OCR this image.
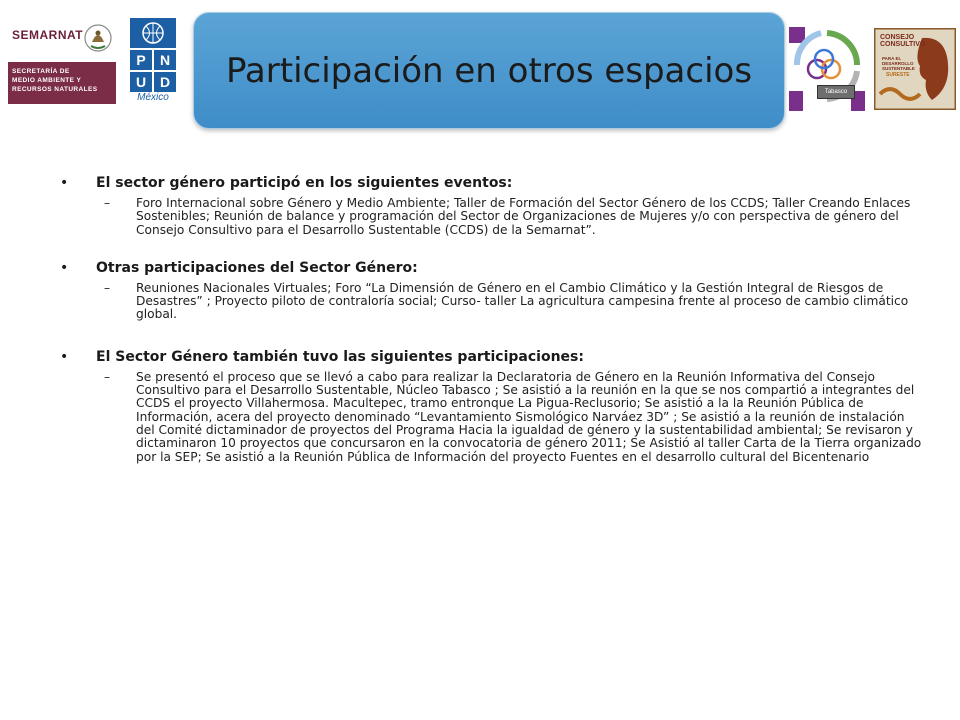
SEMARNAT
SECRETARÍA DE
MEDIO AMBIENTE Y
RECURSOS NATURALES
P N
U D
México
Participación en otros espacios
Tabasco
CONSEJO
CONSULTIVO
PARA EL
DESARROLLO
SUSTENTABLE
SURESTE
• El sector género participó en los siguientes eventos:
– Foro Internacional sobre Género y Medio Ambiente; Taller de Formación del Sector Género de los CCDS; Taller Creando Enlaces Sostenibles; Reunión de balance y programación del Sector de Organizaciones de Mujeres y/o con perspectiva de género del Consejo Consultivo para el Desarrollo Sustentable (CCDS) de la Semarnat”.
• Otras participaciones del Sector Género:
– Reuniones Nacionales Virtuales; Foro “La Dimensión de Género en el Cambio Climático y la Gestión Integral de Riesgos de Desastres” ; Proyecto piloto de contraloría social; Curso- taller La agricultura campesina frente al proceso de cambio climático global.
• El Sector Género también tuvo las siguientes participaciones:
– Se presentó el proceso que se llevó a cabo para realizar la Declaratoria de Género en la Reunión Informativa del Consejo Consultivo para el Desarrollo Sustentable, Núcleo Tabasco ; Se asistió a la reunión en la que se nos compartió a integrantes del CCDS el proyecto Villahermosa. Macultepec, tramo entronque La Pigua-Reclusorio; Se asistió a la la Reunión Pública de Información, acera del proyecto denominado “Levantamiento Sismológico Narváez 3D” ; Se asistió a la reunión de instalación del Comité dictaminador de proyectos del Programa Hacia la igualdad de género y la sustentabilidad ambiental; Se revisaron y dictaminaron 10 proyectos que concursaron en la convocatoria de género 2011; Se Asistió al taller Carta de la Tierra organizado por la SEP; Se asistió a la Reunión Pública de Información del proyecto Fuentes en el desarrollo cultural del Bicentenario
